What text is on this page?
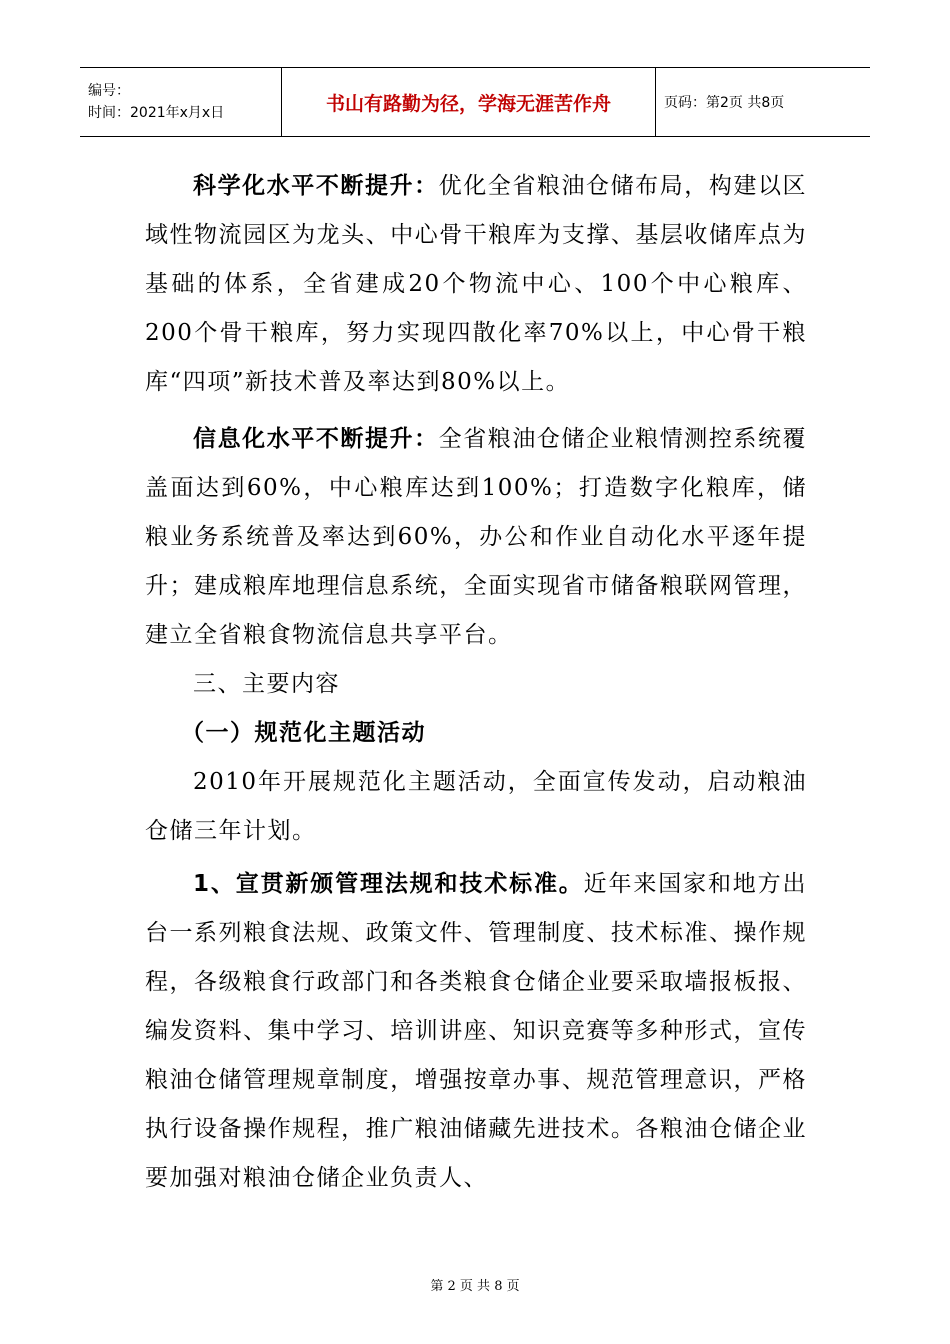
编号：
时间：2021年x月x日	书山有路勤为径，学海无涯苦作舟	页码：第2页 共8页

科学化水平不断提升：优化全省粮油仓储布局，构建以区域性物流园区为龙头、中心骨干粮库为支撑、基层收储库点为基础的体系，全省建成20个物流中心、100个中心粮库、200个骨干粮库，努力实现四散化率70%以上，中心骨干粮库“四项”新技术普及率达到80%以上。

信息化水平不断提升：全省粮油仓储企业粮情测控系统覆盖面达到60%，中心粮库达到100%；打造数字化粮库，储粮业务系统普及率达到60%，办公和作业自动化水平逐年提升；建成粮库地理信息系统，全面实现省市储备粮联网管理，建立全省粮食物流信息共享平台。

三、主要内容

（一）规范化主题活动

2010年开展规范化主题活动，全面宣传发动，启动粮油仓储三年计划。

1、宣贯新颁管理法规和技术标准。近年来国家和地方出台一系列粮食法规、政策文件、管理制度、技术标准、操作规程，各级粮食行政部门和各类粮食仓储企业要采取墙报板报、编发资料、集中学习、培训讲座、知识竞赛等多种形式，宣传粮油仓储管理规章制度，增强按章办事、规范管理意识，严格执行设备操作规程，推广粮油储藏先进技术。各粮油仓储企业要加强对粮油仓储企业负责人、

第 2 页 共 8 页
